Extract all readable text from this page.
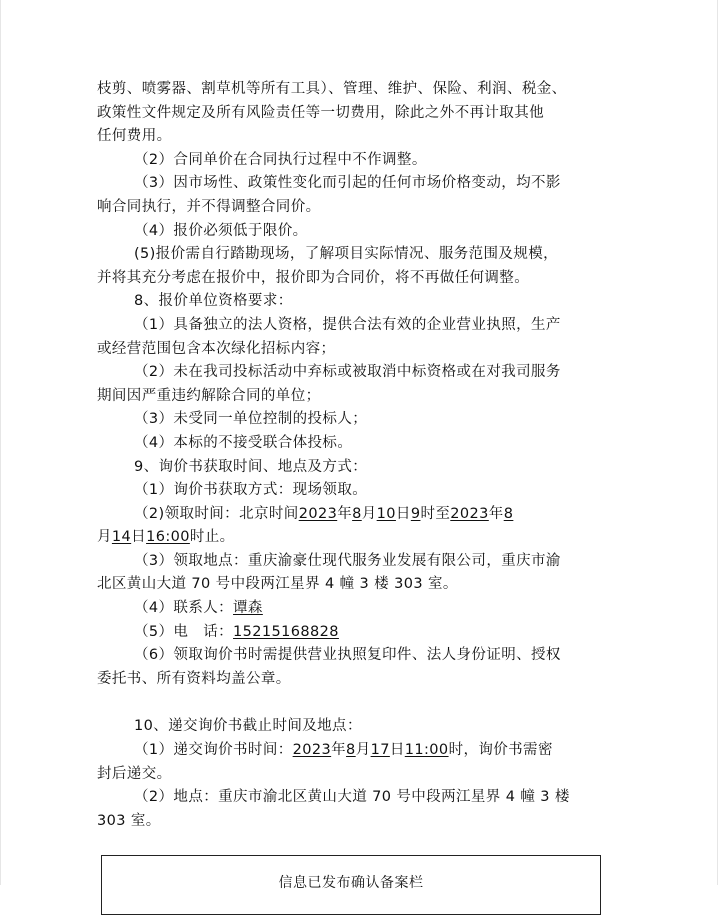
枝剪、喷雾器、割草机等所有工具）、管理、维护、保险、利润、税金、
政策性文件规定及所有风险责任等一切费用，除此之外不再计取其他
任何费用。
（2）合同单价在合同执行过程中不作调整。
（3）因市场性、政策性变化而引起的任何市场价格变动，均不影
响合同执行，并不得调整合同价。
（4）报价必须低于限价。
(5)报价需自行踏勘现场，了解项目实际情况、服务范围及规模，
并将其充分考虑在报价中，报价即为合同价，将不再做任何调整。
8、报价单位资格要求：
（1）具备独立的法人资格，提供合法有效的企业营业执照，生产
或经营范围包含本次绿化招标内容；
（2）未在我司投标活动中弃标或被取消中标资格或在对我司服务
期间因严重违约解除合同的单位；
（3）未受同一单位控制的投标人；
（4）本标的不接受联合体投标。
9、询价书获取时间、地点及方式：
（1）询价书获取方式：现场领取。
（2)领取时间：北京时间2023年8月10日9时至2023年8
月14日16:00时止。
（3）领取地点：重庆渝豪仕现代服务业发展有限公司，重庆市渝
北区黄山大道 70 号中段两江星界 4 幢 3 楼 303 室。
（4）联系人：谭森
（5）电　话：15215168828
（6）领取询价书时需提供营业执照复印件、法人身份证明、授权
委托书、所有资料均盖公章。
10、递交询价书截止时间及地点：
（1）递交询价书时间：2023年8月17日11:00时，询价书需密
封后递交。
（2）地点：重庆市渝北区黄山大道 70 号中段两江星界 4 幢 3 楼
303 室。
信息已发布确认备案栏
